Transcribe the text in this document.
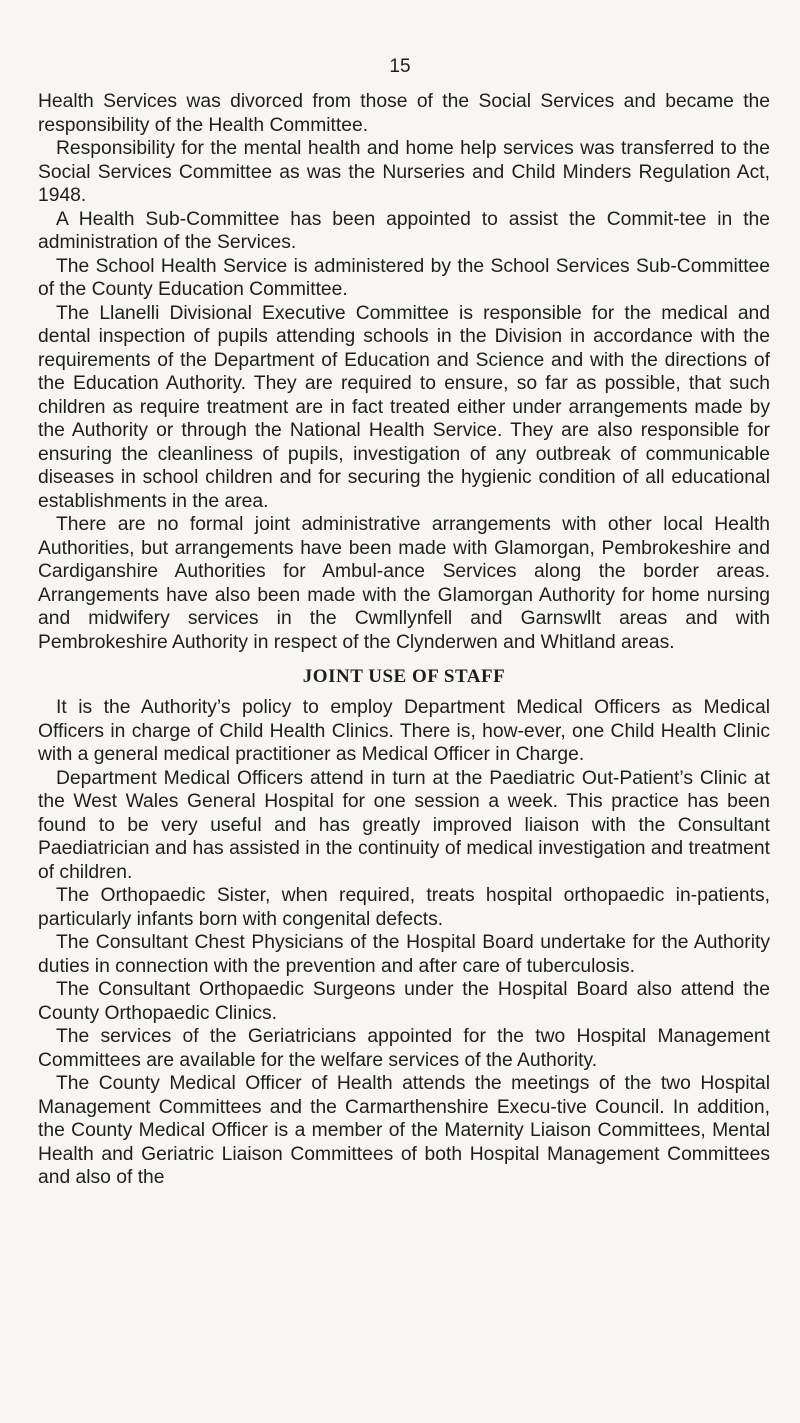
15

Health Services was divorced from those of the Social Services and became the responsibility of the Health Committee.

Responsibility for the mental health and home help services was transferred to the Social Services Committee as was the Nurseries and Child Minders Regulation Act, 1948.

A Health Sub-Committee has been appointed to assist the Commit-tee in the administration of the Services.

The School Health Service is administered by the School Services Sub-Committee of the County Education Committee.

The Llanelli Divisional Executive Committee is responsible for the medical and dental inspection of pupils attending schools in the Division in accordance with the requirements of the Department of Education and Science and with the directions of the Education Authority. They are required to ensure, so far as possible, that such children as require treatment are in fact treated either under arrangements made by the Authority or through the National Health Service. They are also responsible for ensuring the cleanliness of pupils, investigation of any outbreak of communicable diseases in school children and for securing the hygienic condition of all educational establishments in the area.

There are no formal joint administrative arrangements with other local Health Authorities, but arrangements have been made with Glamorgan, Pembrokeshire and Cardiganshire Authorities for Ambul-ance Services along the border areas. Arrangements have also been made with the Glamorgan Authority for home nursing and midwifery services in the Cwmllynfell and Garnswllt areas and with Pembrokeshire Authority in respect of the Clynderwen and Whitland areas.

JOINT USE OF STAFF

It is the Authority’s policy to employ Department Medical Officers as Medical Officers in charge of Child Health Clinics. There is, how-ever, one Child Health Clinic with a general medical practitioner as Medical Officer in Charge.

Department Medical Officers attend in turn at the Paediatric Out-Patient’s Clinic at the West Wales General Hospital for one session a week. This practice has been found to be very useful and has greatly improved liaison with the Consultant Paediatrician and has assisted in the continuity of medical investigation and treatment of children.

The Orthopaedic Sister, when required, treats hospital orthopaedic in-patients, particularly infants born with congenital defects.

The Consultant Chest Physicians of the Hospital Board undertake for the Authority duties in connection with the prevention and after care of tuberculosis.

The Consultant Orthopaedic Surgeons under the Hospital Board also attend the County Orthopaedic Clinics.

The services of the Geriatricians appointed for the two Hospital Management Committees are available for the welfare services of the Authority.

The County Medical Officer of Health attends the meetings of the two Hospital Management Committees and the Carmarthenshire Execu-tive Council. In addition, the County Medical Officer is a member of the Maternity Liaison Committees, Mental Health and Geriatric Liaison Committees of both Hospital Management Committees and also of the
